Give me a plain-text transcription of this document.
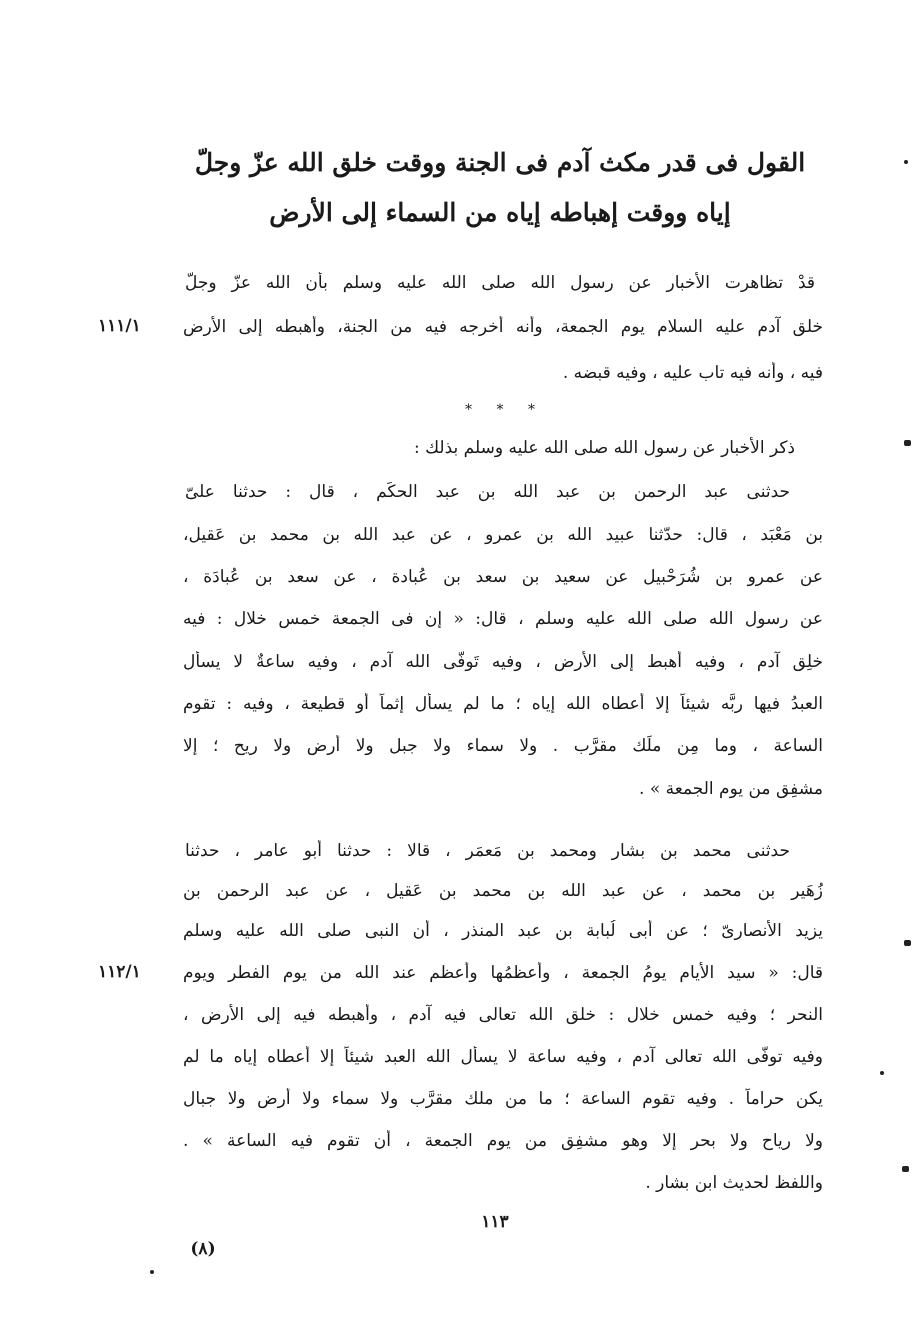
القول فى قدر مكث آدم فى الجنة ووقت خلق الله عزّ وجلّ
إياه ووقت إهباطه إياه من السماء إلى الأرض
قدْ تظاهرت الأخبار عن رسول الله صلى الله عليه وسلم بأن الله عزّ وجلّ
خلق آدم عليه السلام يوم الجمعة، وأنه أخرجه فيه من الجنة، وأهبطه إلى الأرض
فيه ، وأنه فيه تاب عليه ، وفيه قبضه .
* * *
ذكر الأخبار عن رسول الله صلى الله عليه وسلم بذلك :
حدثنى عبد الرحمن بن عبد الله بن عبد الحكَم ، قال : حدثنا علىّ
بن مَعْبَد ، قال: حدّثنا عبيد الله بن عمرو ، عن عبد الله بن محمد بن عَقيل،
عن عمرو بن شُرَحْبيل عن سعيد بن سعد بن عُبادة ، عن سعد بن عُبادَة ،
عن رسول الله صلى الله عليه وسلم ، قال: « إن فى الجمعة خمس خلال : فيه
خلِق آدم ، وفيه أُهبط إلى الأرض ، وفيه تَوفّى الله آدم ، وفيه ساعةٌ لا يسأل
العبدُ فيها ربَّه شيئاً إلا أعطاه الله إياه ؛ ما لم يسأل إثماً أو قطيعة ، وفيه : تقوم
الساعة ، وما مِن ملَك مقرَّب . ولا سماء ولا جبل ولا أرض ولا ريح ؛ إلا
مشفِق من يوم الجمعة » .
حدثنى محمد بن بشار ومحمد بن مَعمَر ، قالا : حدثنا أبو عامر ، حدثنا
زُهَير بن محمد ، عن عبد الله بن محمد بن عَقيل ، عن عبد الرحمن بن
يزيد الأنصارىّ ؛ عن أبى لُبابة بن عبد المنذر ، أن النبى صلى الله عليه وسلم
قال: « سيد الأيام يومُ الجمعة ، وأعظمُها وأعظم عند الله من يوم الفطر ويوم
النحر ؛ وفيه خمس خلال : خلق الله تعالى فيه آدم ، وأهبطه فيه إلى الأرض ،
وفيه توفّى الله تعالى آدم ، وفيه ساعة لا يسأل الله العبد شيئاً إلا أعطاه إياه ما لم
يكن حراماً . وفيه تقوم الساعة ؛ ما من ملك مقرَّب ولا سماء ولا أرض ولا جبال
ولا رياح ولا بحر إلا وهو مشفِق من يوم الجمعة ، أن تقوم فيه الساعة » .
واللفظ لحديث ابن بشار .
١١١/١
١١٢/١
١١٣
(٨)
